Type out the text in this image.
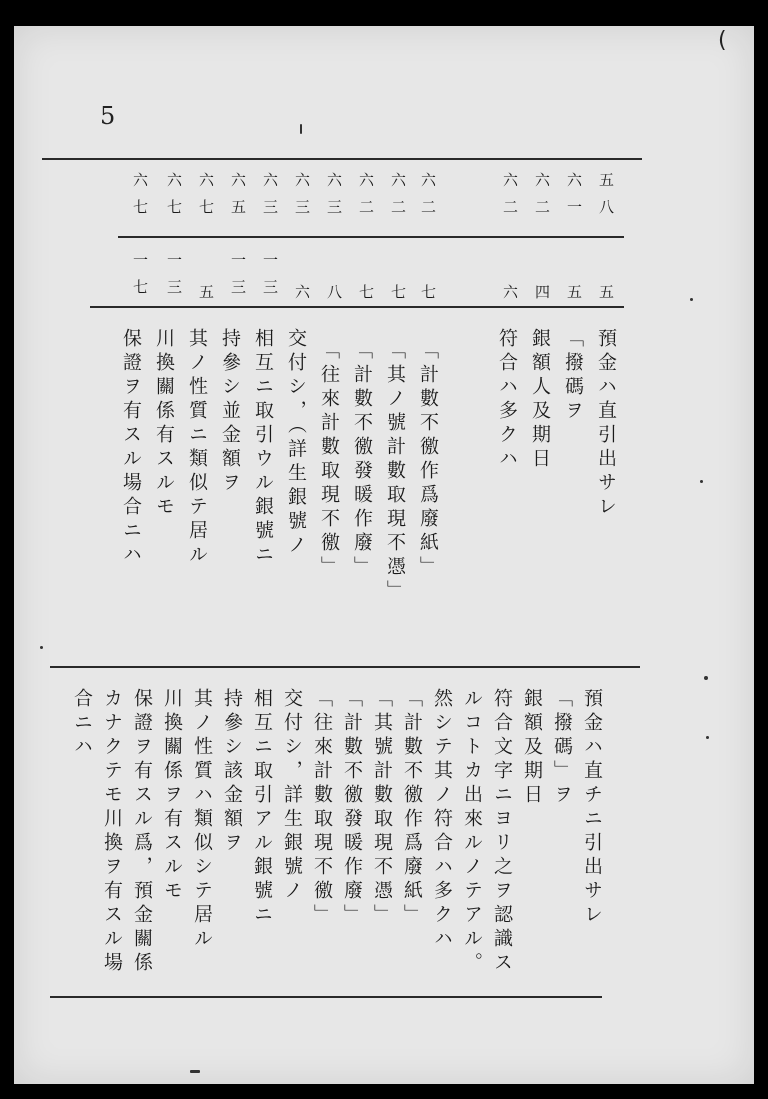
(
5
五八
六一
六二
六二
六二
六二
六二
六三
六三
六三
六五
六七
六七
六七
五
五
四
六
七
七
七
八
六
一三
一三
五
一三
一七
預金ハ直引出サレ
「撥碼ヲ
銀額人及期日
符合ハ多クハ
「計數不徼作爲廢紙」
「其ノ號計數取現不憑」
「計數不徼發暖作廢」
「往來計數取現不徼」
交付シ，（詳生銀號ノ
相互ニ取引ウル銀號ニ
持參シ並金額ヲ
其ノ性質ニ類似テ居ル
川換關係有スルモ
保證ヲ有スル場合ニハ
預金ハ直チニ引出サレ
「撥碼」ヲ
銀額及期日
符合文字ニヨリ之ヲ認識ス
ルコトカ出來ルノテアル。
然シテ其ノ符合ハ多クハ
「計數不徼作爲廢紙」
「其號計數取現不憑」
「計數不徼發暖作廢」
「往來計數取現不徼」
交付シ，詳生銀號ノ
相互ニ取引アル銀號ニ
持參シ該金額ヲ
其ノ性質ハ類似シテ居ル
川換關係ヲ有スルモ
保證ヲ有スル爲，預金關係
カナクテモ川換ヲ有スル場
合ニハ
